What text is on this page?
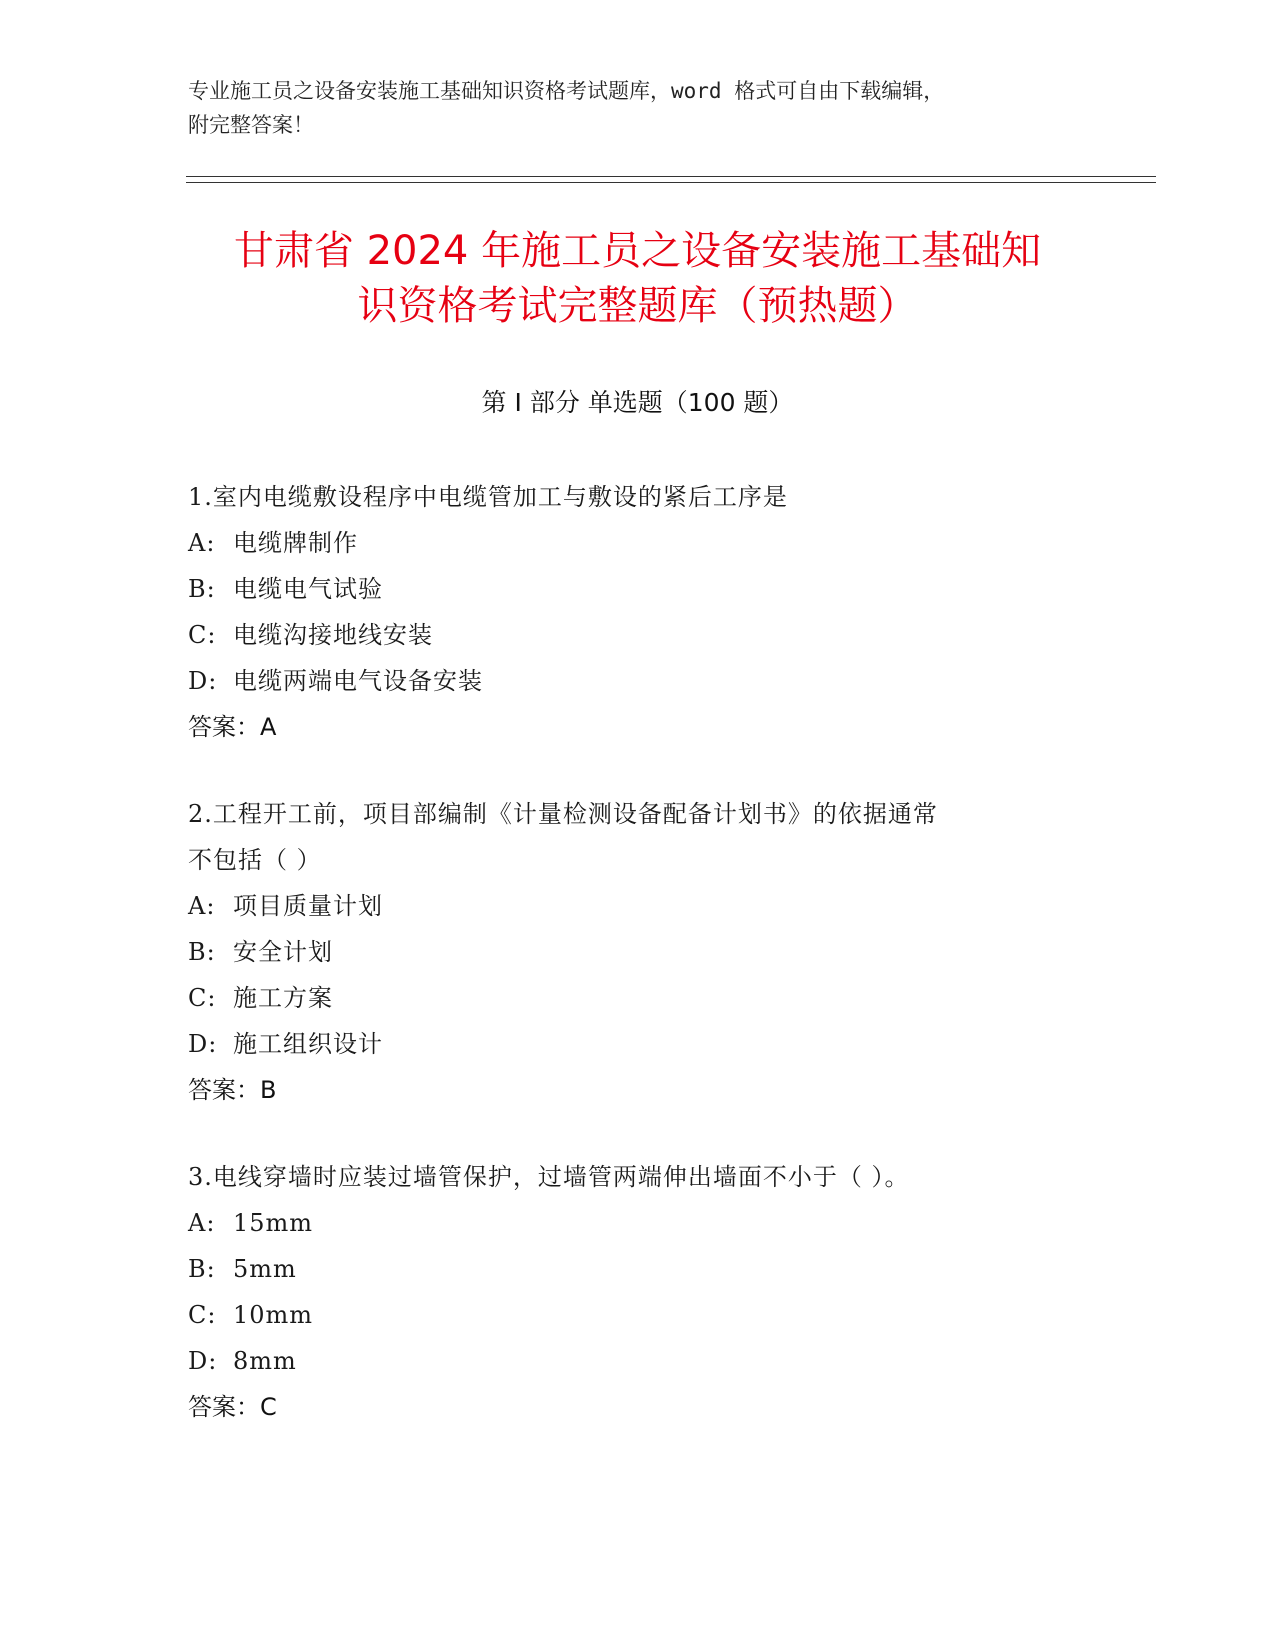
专业施工员之设备安装施工基础知识资格考试题库，word 格式可自由下载编辑，
附完整答案！
甘肃省 2024 年施工员之设备安装施工基础知
识资格考试完整题库（预热题）
第 I 部分 单选题（100 题）
1.室内电缆敷设程序中电缆管加工与敷设的紧后工序是
A: 电缆牌制作
B: 电缆电气试验
C: 电缆沟接地线安装
D: 电缆两端电气设备安装
答案：A
2.工程开工前，项目部编制《计量检测设备配备计划书》的依据通常
不包括（ ）
A: 项目质量计划
B: 安全计划
C: 施工方案
D: 施工组织设计
答案：B
3.电线穿墙时应装过墙管保护，过墙管两端伸出墙面不小于（ ）。
A: 15mm
B: 5mm
C: 10mm
D: 8mm
答案：C
